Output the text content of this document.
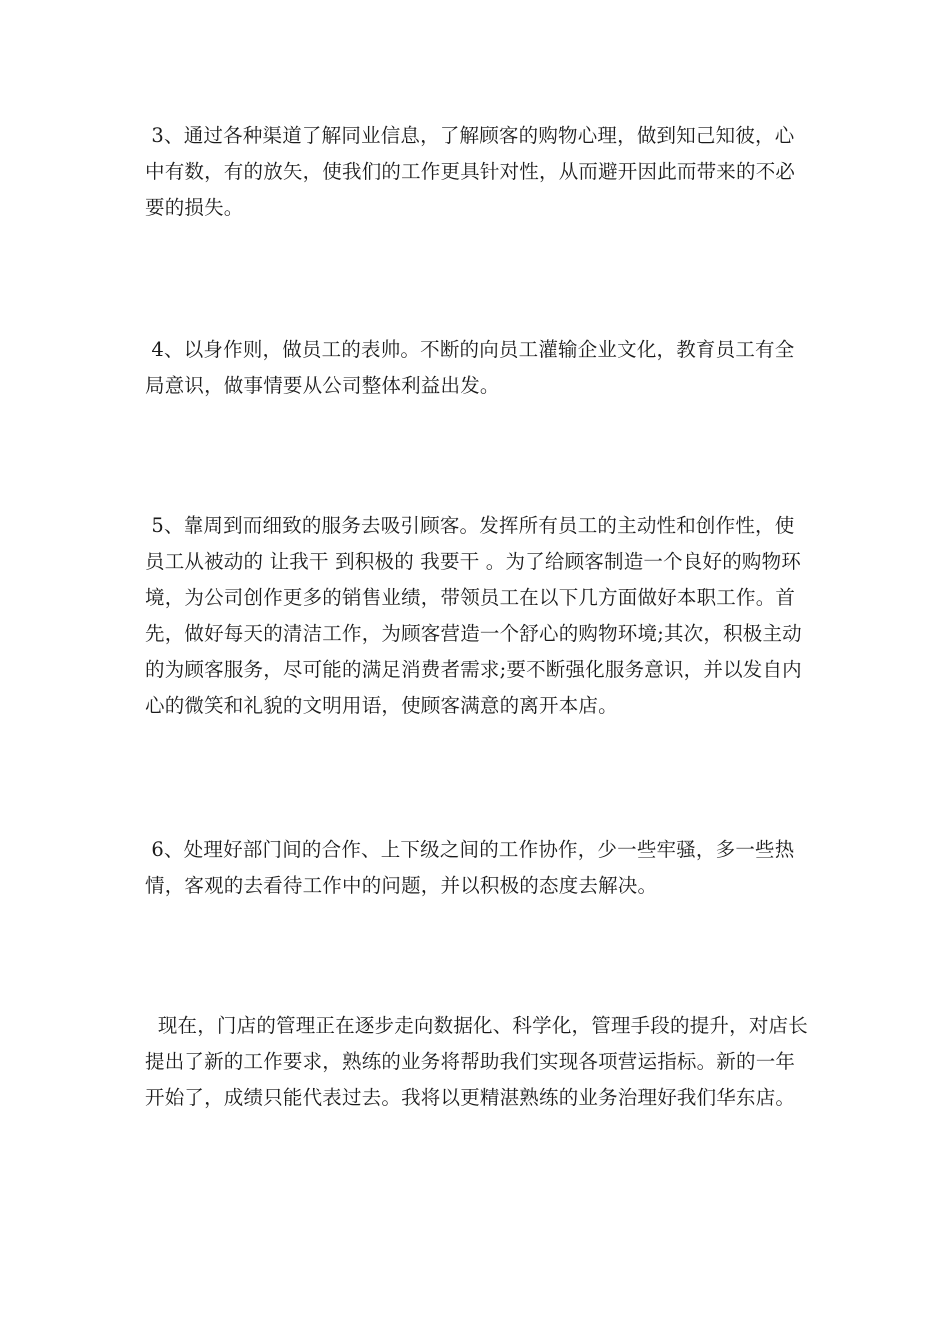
3、通过各种渠道了解同业信息，了解顾客的购物心理，做到知己知彼，心中有数，有的放矢，使我们的工作更具针对性，从而避开因此而带来的不必要的损失。

4、以身作则，做员工的表帅。不断的向员工灌输企业文化，教育员工有全局意识，做事情要从公司整体利益出发。

5、靠周到而细致的服务去吸引顾客。发挥所有员工的主动性和创作性，使员工从被动的 让我干 到积极的 我要干 。为了给顾客制造一个良好的购物环境，为公司创作更多的销售业绩，带领员工在以下几方面做好本职工作。首先，做好每天的清洁工作，为顾客营造一个舒心的购物环境;其次，积极主动的为顾客服务，尽可能的满足消费者需求;要不断强化服务意识，并以发自内心的微笑和礼貌的文明用语，使顾客满意的离开本店。

6、处理好部门间的合作、上下级之间的工作协作，少一些牢骚，多一些热情，客观的去看待工作中的问题，并以积极的态度去解决。

现在，门店的管理正在逐步走向数据化、科学化，管理手段的提升，对店长提出了新的工作要求，熟练的业务将帮助我们实现各项营运指标。新的一年开始了，成绩只能代表过去。我将以更精湛熟练的业务治理好我们华东店。
